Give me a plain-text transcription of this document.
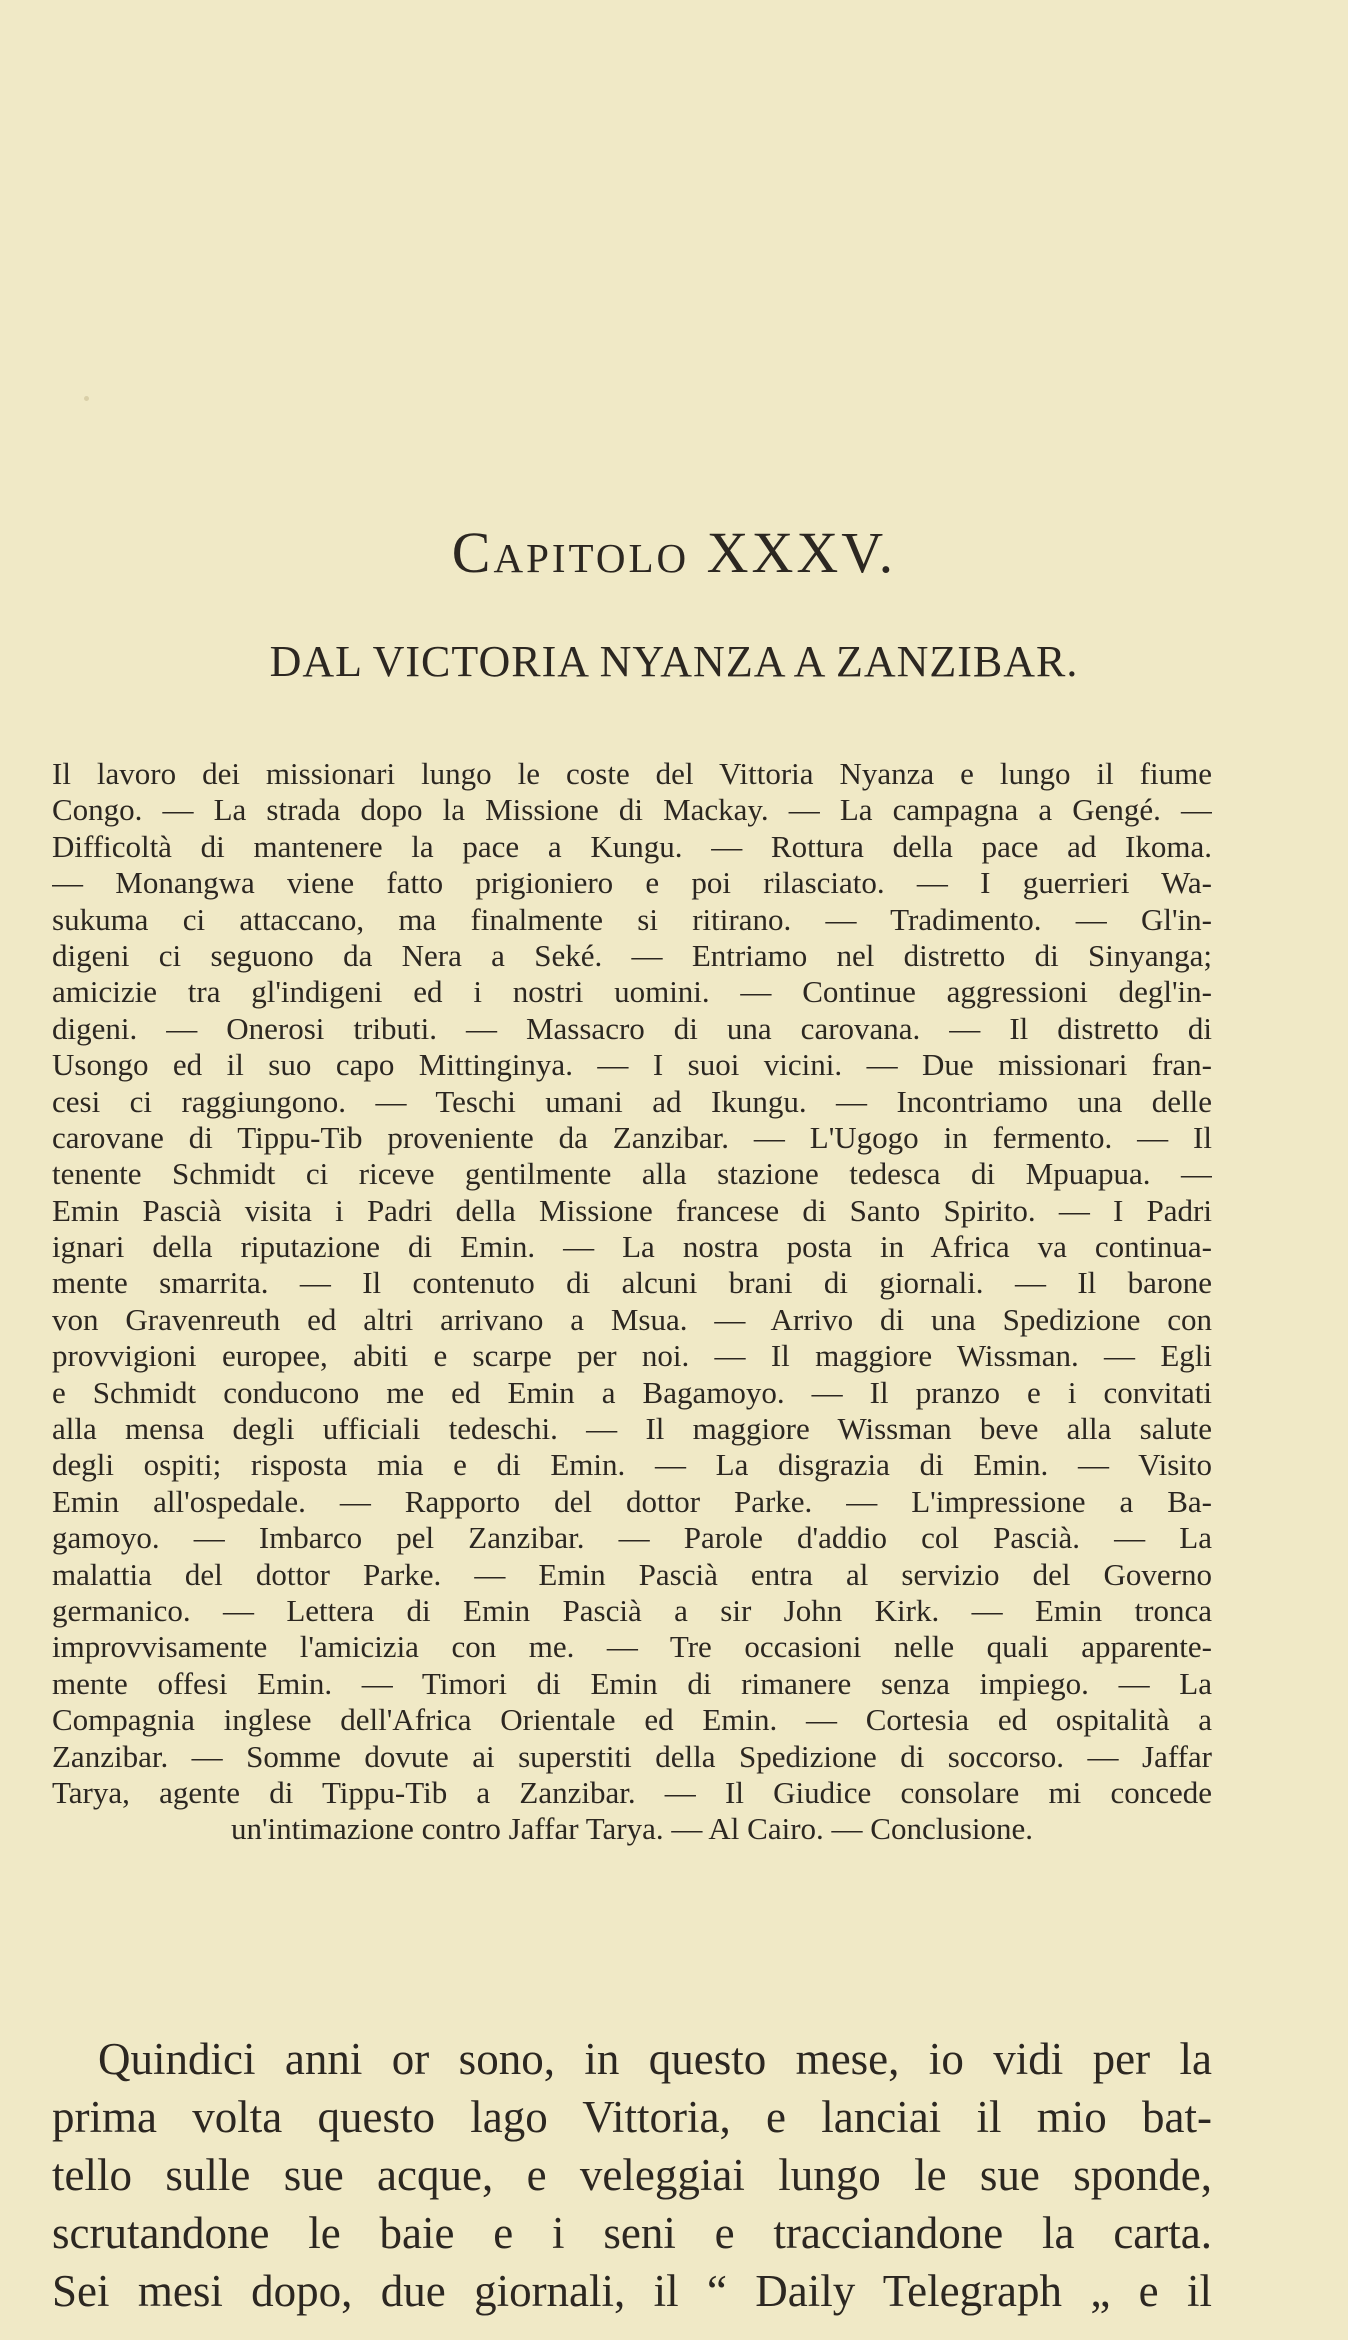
Capitolo XXXV.
DAL VICTORIA NYANZA A ZANZIBAR.
Il lavoro dei missionari lungo le coste del Vittoria Nyanza e lungo il fiume
Congo. — La strada dopo la Missione di Mackay. — La campagna a Gengé. —
Difficoltà di mantenere la pace a Kungu. — Rottura della pace ad Ikoma.
— Monangwa viene fatto prigioniero e poi rilasciato. — I guerrieri Wa-
sukuma ci attaccano, ma finalmente si ritirano. — Tradimento. — Gl'in-
digeni ci seguono da Nera a Seké. — Entriamo nel distretto di Sinyanga;
amicizie tra gl'indigeni ed i nostri uomini. — Continue aggressioni degl'in-
digeni. — Onerosi tributi. — Massacro di una carovana. — Il distretto di
Usongo ed il suo capo Mittinginya. — I suoi vicini. — Due missionari fran-
cesi ci raggiungono. — Teschi umani ad Ikungu. — Incontriamo una delle
carovane di Tippu-Tib proveniente da Zanzibar. — L'Ugogo in fermento. — Il
tenente Schmidt ci riceve gentilmente alla stazione tedesca di Mpuapua. —
Emin Pascià visita i Padri della Missione francese di Santo Spirito. — I Padri
ignari della riputazione di Emin. — La nostra posta in Africa va continua-
mente smarrita. — Il contenuto di alcuni brani di giornali. — Il barone
von Gravenreuth ed altri arrivano a Msua. — Arrivo di una Spedizione con
provvigioni europee, abiti e scarpe per noi. — Il maggiore Wissman. — Egli
e Schmidt conducono me ed Emin a Bagamoyo. — Il pranzo e i convitati
alla mensa degli ufficiali tedeschi. — Il maggiore Wissman beve alla salute
degli ospiti; risposta mia e di Emin. — La disgrazia di Emin. — Visito
Emin all'ospedale. — Rapporto del dottor Parke. — L'impressione a Ba-
gamoyo. — Imbarco pel Zanzibar. — Parole d'addio col Pascià. — La
malattia del dottor Parke. — Emin Pascià entra al servizio del Governo
germanico. — Lettera di Emin Pascià a sir John Kirk. — Emin tronca
improvvisamente l'amicizia con me. — Tre occasioni nelle quali apparente-
mente offesi Emin. — Timori di Emin di rimanere senza impiego. — La
Compagnia inglese dell'Africa Orientale ed Emin. — Cortesia ed ospitalità a
Zanzibar. — Somme dovute ai superstiti della Spedizione di soccorso. — Jaffar
Tarya, agente di Tippu-Tib a Zanzibar. — Il Giudice consolare mi concede
un'intimazione contro Jaffar Tarya. — Al Cairo. — Conclusione.
Quindici anni or sono, in questo mese, io vidi per la
prima volta questo lago Vittoria, e lanciai il mio bat-
tello sulle sue acque, e veleggiai lungo le sue sponde,
scrutandone le baie e i seni e tracciandone la carta.
Sei mesi dopo, due giornali, il “ Daily Telegraph „ e il
